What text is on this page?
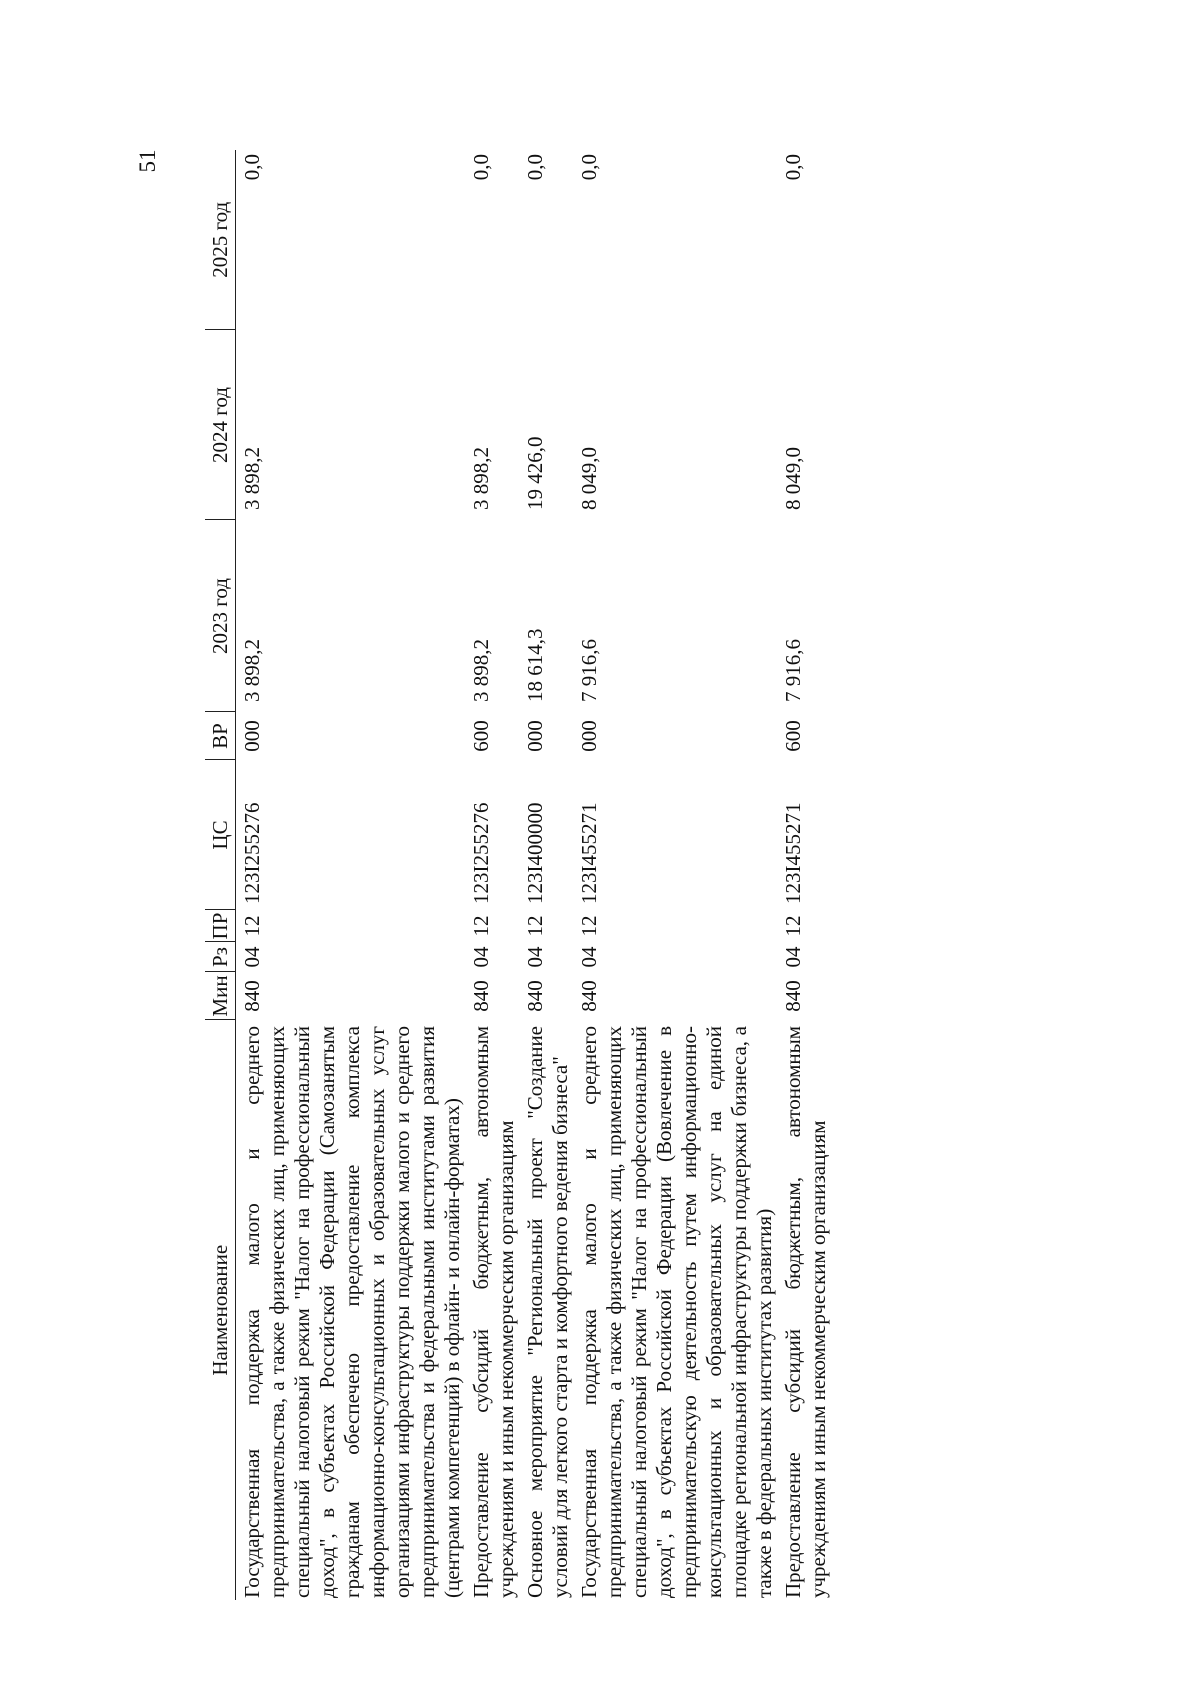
51
Наименование	Мин	Рз	ПР	ЦС	ВР	2023 год	2024 год	2025 год
Государственная поддержка малого и среднего предпринимательства, а также физических лиц, применяющих специальный налоговый режим "Налог на профессиональный доход", в субъектах Российской Федерации (Самозанятым гражданам обеспечено предоставление комплекса информационно-консультационных и образовательных услуг организациями инфраструктуры поддержки малого и среднего предпринимательства и федеральными институтами развития (центрами компетенций) в офлайн- и онлайн-форматах)	840	04	12	123I255276	000	3 898,2	3 898,2	0,0
Предоставление субсидий бюджетным, автономным учреждениям и иным некоммерческим организациям	840	04	12	123I255276	600	3 898,2	3 898,2	0,0
Основное мероприятие "Региональный проект "Создание условий для легкого старта и комфортного ведения бизнеса"	840	04	12	123I400000	000	18 614,3	19 426,0	0,0
Государственная поддержка малого и среднего предпринимательства, а также физических лиц, применяющих специальный налоговый режим "Налог на профессиональный доход", в субъектах Российской Федерации (Вовлечение в предпринимательскую деятельность путем информационно-консультационных и образовательных услуг на единой площадке региональной инфраструктуры поддержки бизнеса, а также в федеральных институтах развития)	840	04	12	123I455271	000	7 916,6	8 049,0	0,0
Предоставление субсидий бюджетным, автономным учреждениям и иным некоммерческим организациям	840	04	12	123I455271	600	7 916,6	8 049,0	0,0
